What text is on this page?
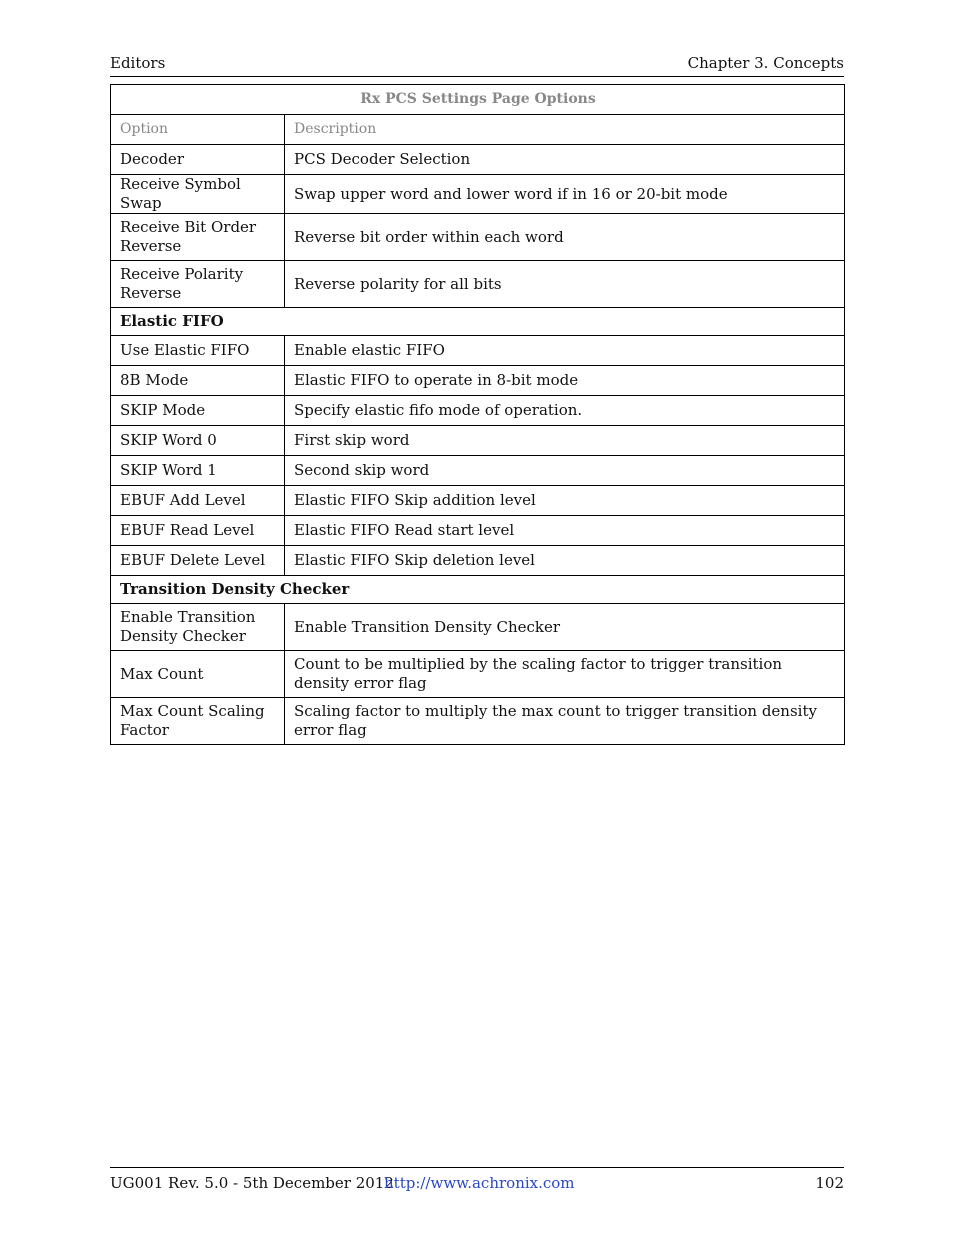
Editors	Chapter 3. Concepts
Rx PCS Settings Page Options	
Option	Description
Decoder	PCS Decoder Selection
Receive Symbol Swap	Swap upper word and lower word if in 16 or 20-bit mode
Receive Bit Order Reverse	Reverse bit order within each word
Receive Polarity Reverse	Reverse polarity for all bits
Elastic FIFO	
Use Elastic FIFO	Enable elastic FIFO
8B Mode	Elastic FIFO to operate in 8-bit mode
SKIP Mode	Specify elastic fifo mode of operation.
SKIP Word 0	First skip word
SKIP Word 1	Second skip word
EBUF Add Level	Elastic FIFO Skip addition level
EBUF Read Level	Elastic FIFO Read start level
EBUF Delete Level	Elastic FIFO Skip deletion level
Transition Density Checker	
Enable Transition Density Checker	Enable Transition Density Checker
Max Count	Count to be multiplied by the scaling factor to trigger transition density error flag
Max Count Scaling Factor	Scaling factor to multiply the max count to trigger transition density error flag
UG001 Rev. 5.0 - 5th December 2012
http://www.achronix.com	102
